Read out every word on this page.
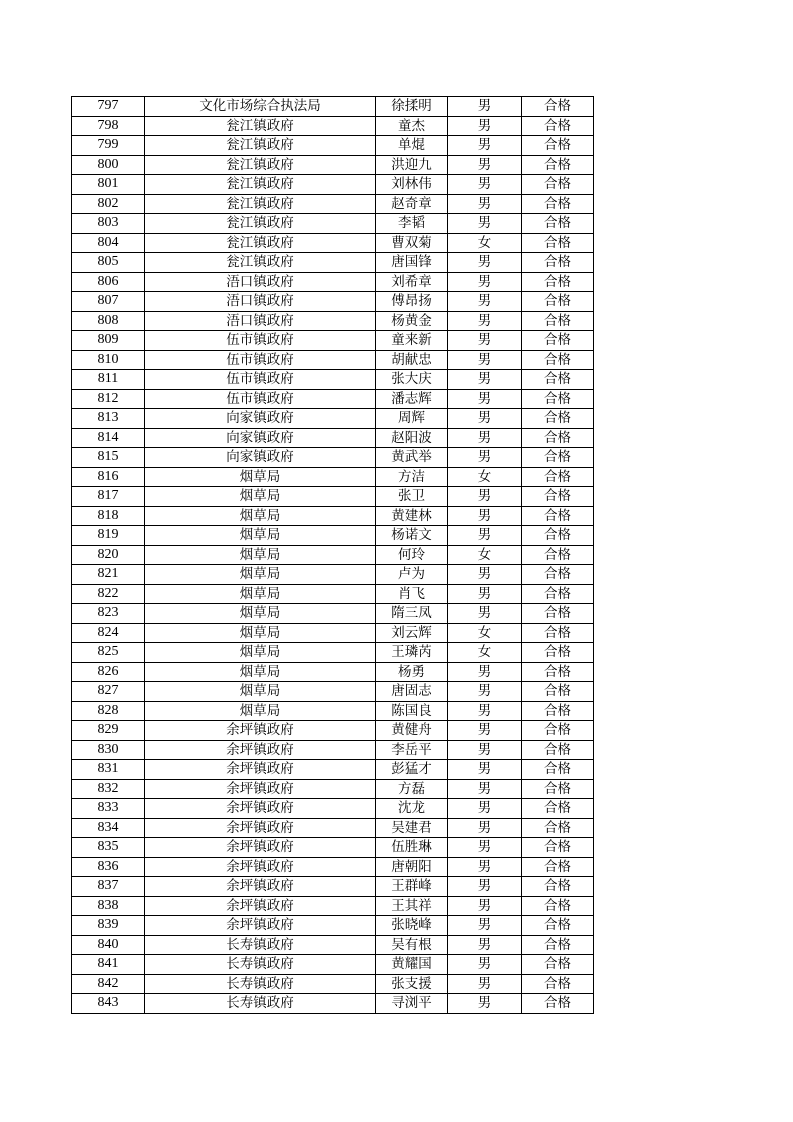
797	文化市场综合执法局	徐揉明	男	合格
798	瓮江镇政府	童杰	男	合格
799	瓮江镇政府	单焜	男	合格
800	瓮江镇政府	洪迎九	男	合格
801	瓮江镇政府	刘林伟	男	合格
802	瓮江镇政府	赵奇章	男	合格
803	瓮江镇政府	李韬	男	合格
804	瓮江镇政府	曹双菊	女	合格
805	瓮江镇政府	唐国锋	男	合格
806	浯口镇政府	刘希章	男	合格
807	浯口镇政府	傅昂扬	男	合格
808	浯口镇政府	杨黄金	男	合格
809	伍市镇政府	童来新	男	合格
810	伍市镇政府	胡献忠	男	合格
811	伍市镇政府	张大庆	男	合格
812	伍市镇政府	潘志辉	男	合格
813	向家镇政府	周辉	男	合格
814	向家镇政府	赵阳波	男	合格
815	向家镇政府	黄武举	男	合格
816	烟草局	方洁	女	合格
817	烟草局	张卫	男	合格
818	烟草局	黄建林	男	合格
819	烟草局	杨诺文	男	合格
820	烟草局	何玲	女	合格
821	烟草局	卢为	男	合格
822	烟草局	肖飞	男	合格
823	烟草局	隋三凤	男	合格
824	烟草局	刘云辉	女	合格
825	烟草局	王璘芮	女	合格
826	烟草局	杨勇	男	合格
827	烟草局	唐固志	男	合格
828	烟草局	陈国良	男	合格
829	余坪镇政府	黄健舟	男	合格
830	余坪镇政府	李岳平	男	合格
831	余坪镇政府	彭猛才	男	合格
832	余坪镇政府	方磊	男	合格
833	余坪镇政府	沈龙	男	合格
834	余坪镇政府	吴建君	男	合格
835	余坪镇政府	伍胜琳	男	合格
836	余坪镇政府	唐朝阳	男	合格
837	余坪镇政府	王群峰	男	合格
838	余坪镇政府	王其祥	男	合格
839	余坪镇政府	张晓峰	男	合格
840	长寿镇政府	吴有根	男	合格
841	长寿镇政府	黄耀国	男	合格
842	长寿镇政府	张支援	男	合格
843	长寿镇政府	寻浏平	男	合格
